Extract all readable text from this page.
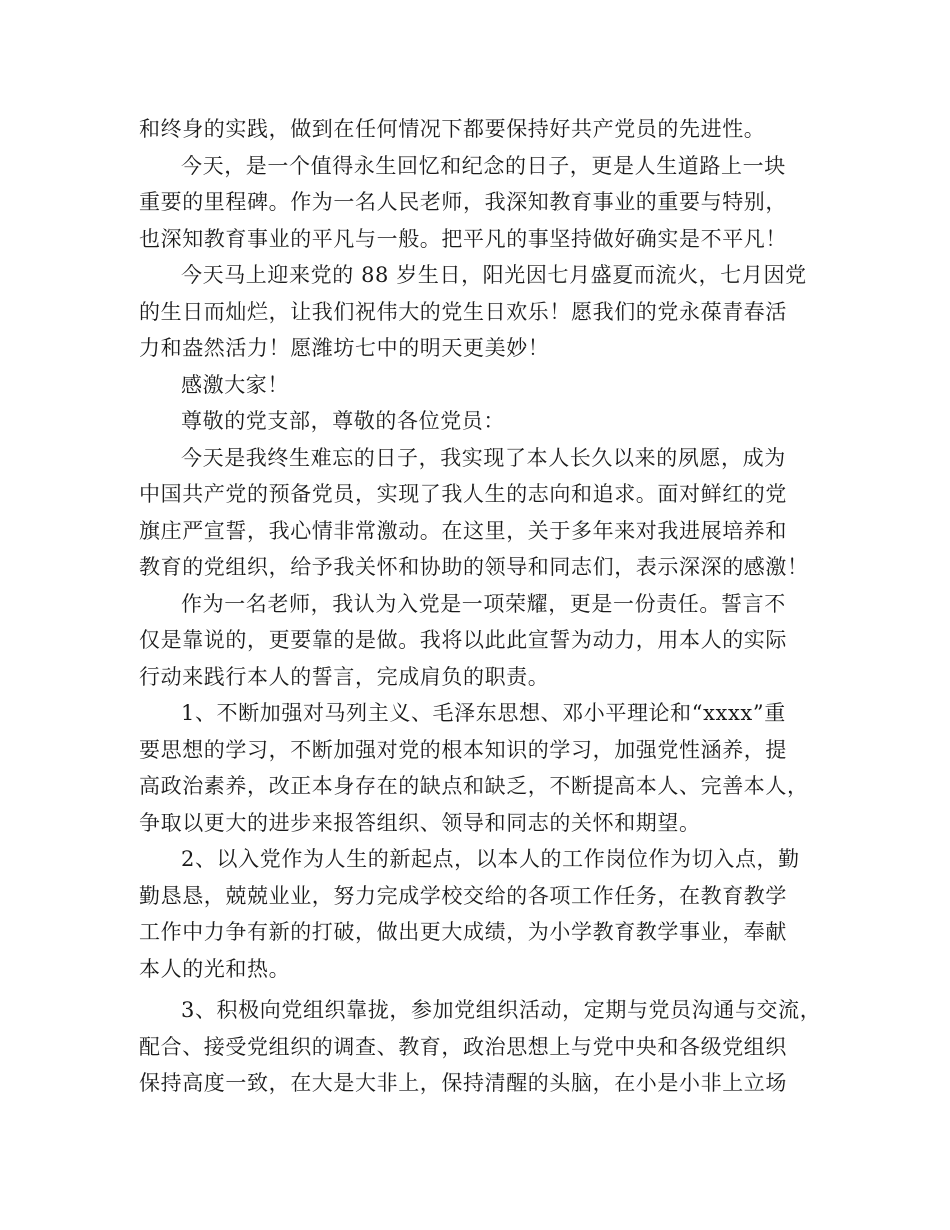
和终身的实践，做到在任何情况下都要保持好共产党员的先进性。
今天，是一个值得永生回忆和纪念的日子，更是人生道路上一块
重要的里程碑。作为一名人民老师，我深知教育事业的重要与特别，
也深知教育事业的平凡与一般。把平凡的事坚持做好确实是不平凡！
今天马上迎来党的 88 岁生日，阳光因七月盛夏而流火，七月因党
的生日而灿烂，让我们祝伟大的党生日欢乐！愿我们的党永葆青春活
力和盎然活力！愿潍坊七中的明天更美妙！
感激大家！
尊敬的党支部，尊敬的各位党员：
今天是我终生难忘的日子，我实现了本人长久以来的夙愿，成为
中国共产党的预备党员，实现了我人生的志向和追求。面对鲜红的党
旗庄严宣誓，我心情非常激动。在这里，关于多年来对我进展培养和
教育的党组织，给予我关怀和协助的领导和同志们，表示深深的感激！
作为一名老师，我认为入党是一项荣耀，更是一份责任。誓言不
仅是靠说的，更要靠的是做。我将以此此宣誓为动力，用本人的实际
行动来践行本人的誓言，完成肩负的职责。
1、不断加强对马列主义、毛泽东思想、邓小平理论和“xxxx”重
要思想的学习，不断加强对党的根本知识的学习，加强党性涵养，提
高政治素养，改正本身存在的缺点和缺乏，不断提高本人、完善本人，
争取以更大的进步来报答组织、领导和同志的关怀和期望。
2、以入党作为人生的新起点，以本人的工作岗位作为切入点，勤
勤恳恳，兢兢业业，努力完成学校交给的各项工作任务，在教育教学
工作中力争有新的打破，做出更大成绩，为小学教育教学事业，奉献
本人的光和热。
3、积极向党组织靠拢，参加党组织活动，定期与党员沟通与交流，
配合、接受党组织的调查、教育，政治思想上与党中央和各级党组织
保持高度一致，在大是大非上，保持清醒的头脑，在小是小非上立场
